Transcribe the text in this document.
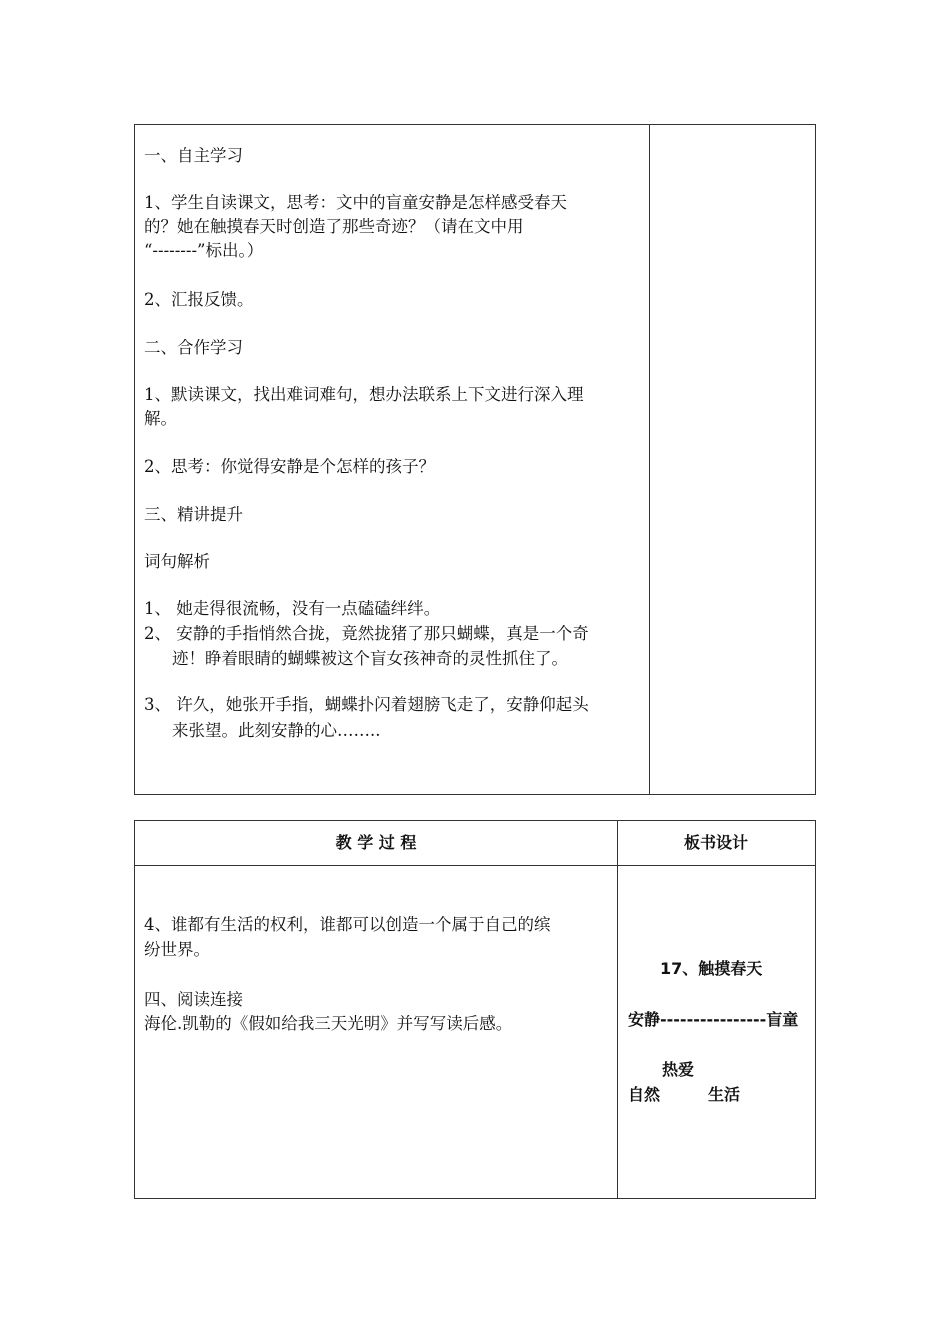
一、自主学习
1、学生自读课文，思考：文中的盲童安静是怎样感受春天
的？她在触摸春天时创造了那些奇迹？（请在文中用
“--------”标出。）
2、汇报反馈。
二、合作学习
1、默读课文，找出难词难句，想办法联系上下文进行深入理
解。
2、思考：你觉得安静是个怎样的孩子？
三、精讲提升
词句解析
1、 她走得很流畅，没有一点磕磕绊绊。
2、 安静的手指悄然合拢，竟然拢猪了那只蝴蝶，真是一个奇
迹！睁着眼睛的蝴蝶被这个盲女孩神奇的灵性抓住了。
3、 许久，她张开手指，蝴蝶扑闪着翅膀飞走了，安静仰起头
来张望。此刻安静的心……..
教 学 过 程	板书设计
4、谁都有生活的权利，谁都可以创造一个属于自己的缤
纷世界。
四、阅读连接
海伦.凯勒的《假如给我三天光明》并写写读后感。
17、触摸春天
安静----------------盲童
热爱
自然	生活
